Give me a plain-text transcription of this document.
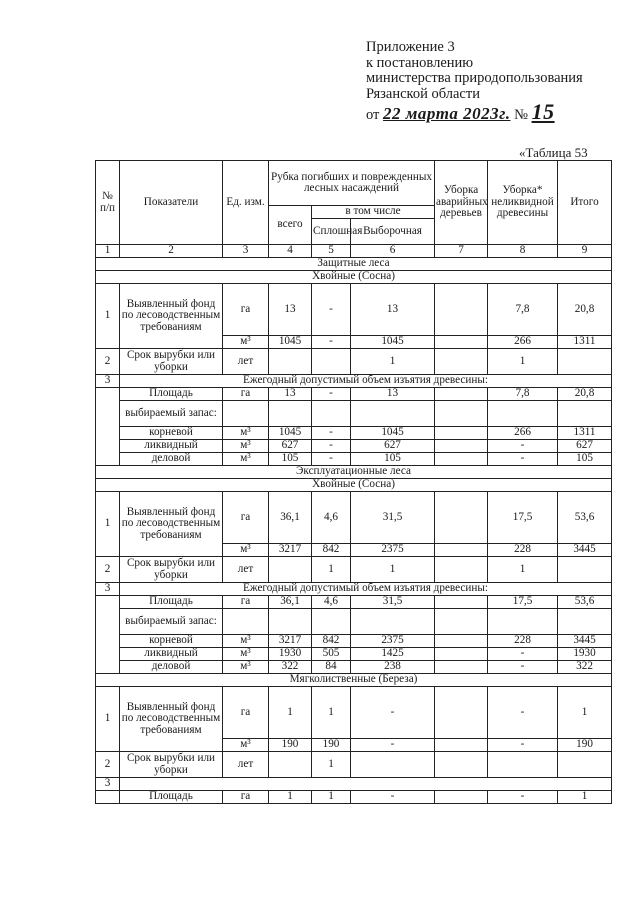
Приложение 3
к постановлению
министерства природопользования
Рязанской области
от 22 марта 2023г. № 15
«Таблица 53
№ п/п	Показатели	Ед. изм.	Рубка погибших и поврежденных лесных насаждений			Уборка аварийных деревьев	Уборка* неликвидной древесины	Итого
			всего	в том числе				
				Сплошная	Выборочная			
1	2	3	4	5	6	7	8	9
Защитные леса								
Хвойные (Сосна)								
1	Выявленный фонд по лесоводственным требованиям	га	13	-	13		7,8	20,8
		м³	1045	-	1045		266	1311
2	Срок вырубки или уборки	лет			1		1	
3	Ежегодный допустимый объем изъятия древесины:							
	Площадь	га	13	-	13		7,8	20,8
	выбираемый запас:							
	корневой	м³	1045	-	1045		266	1311
	ликвидный	м³	627	-	627		-	627
	деловой	м³	105	-	105		-	105
Эксплуатационные леса								
Хвойные (Сосна)								
1	Выявленный фонд по лесоводственным требованиям	га	36,1	4,6	31,5		17,5	53,6
		м³	3217	842	2375		228	3445
2	Срок вырубки или уборки	лет		1	1		1	
3	Ежегодный допустимый объем изъятия древесины:							
	Площадь	га	36,1	4,6	31,5		17,5	53,6
	выбираемый запас:							
	корневой	м³	3217	842	2375		228	3445
	ликвидный	м³	1930	505	1425		-	1930
	деловой	м³	322	84	238		-	322
Мягколиственные (Береза)								
1	Выявленный фонд по лесоводственным требованиям	га	1	1	-		-	1
		м³	190	190	-		-	190
2	Срок вырубки или уборки	лет		1				
3								
	Площадь	га	1	1	-		-	1
